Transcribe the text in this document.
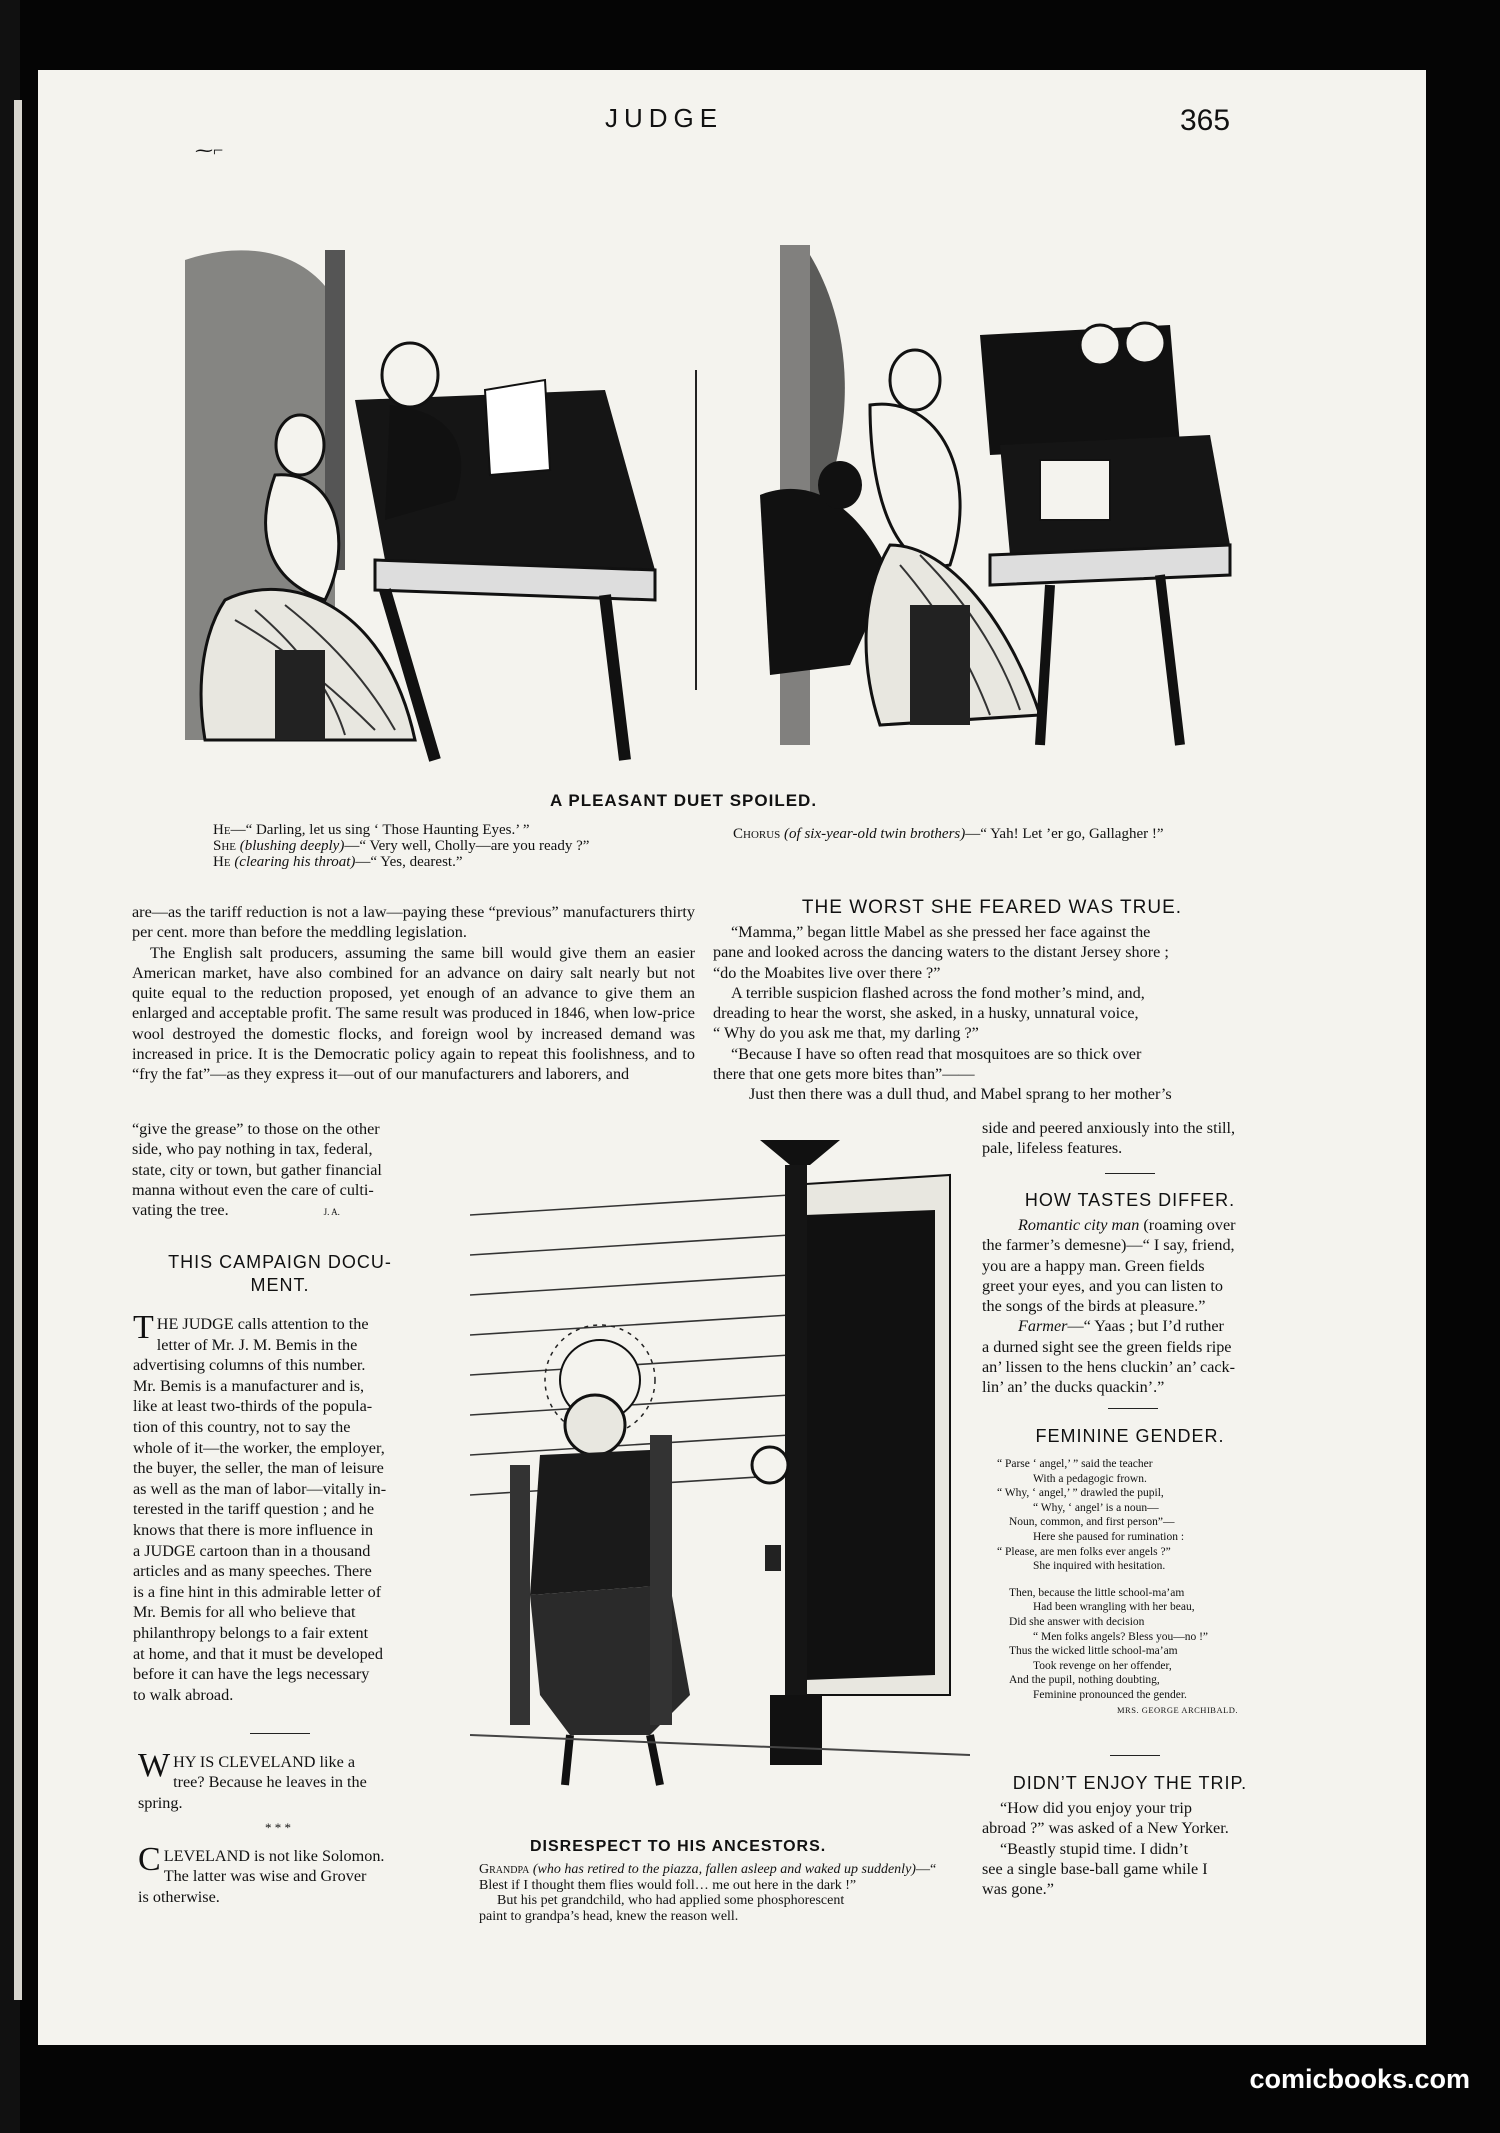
JUDGE	365
⁓⌐
A PLEASANT DUET SPOILED.
He—“ Darling, let us sing ‘ Those Haunting Eyes.’ ”
She (blushing deeply)—“ Very well, Cholly—are you ready ?”
He (clearing his throat)—“ Yes, dearest.”
Chorus (of six-year-old twin brothers)—“ Yah! Let ’er go, Gallagher !”
are—as the tariff reduction is not a law—paying these “previous” manufacturers thirty per cent. more than before the meddling legislation.

The English salt producers, assuming the same bill would give them an easier American market, have also combined for an advance on dairy salt nearly but not quite equal to the reduction proposed, yet enough of an advance to give them an enlarged and acceptable profit. The same result was produced in 1846, when low-price wool destroyed the domestic flocks, and foreign wool by increased demand was increased in price. It is the Democratic policy again to repeat this foolishness, and to “fry the fat”—as they express it—out of our manufacturers and laborers, and

“give the grease” to those on the other
side, who pay nothing in tax, federal,
state, city or town, but gather financial
manna without even the care of culti-
vating the tree.	J. A.
THIS CAMPAIGN DOCU-
MENT.
THE JUDGE calls attention to the
letter of Mr. J. M. Bemis in the
advertising columns of this number.
Mr. Bemis is a manufacturer and is,
like at least two-thirds of the popula-
tion of this country, not to say the
whole of it—the worker, the employer,
the buyer, the seller, the man of leisure
as well as the man of labor—vitally in-
terested in the tariff question ; and he
knows that there is more influence in
a JUDGE cartoon than in a thousand
articles and as many speeches. There
is a fine hint in this admirable letter of
Mr. Bemis for all who believe that
philanthropy belongs to a fair extent
at home, and that it must be developed
before it can have the legs necessary
to walk abroad.
WHY IS CLEVELAND like a
tree? Because he leaves in the
spring.
* * *
CLEVELAND is not like Solomon.
The latter was wise and Grover
is otherwise.
THE WORST SHE FEARED WAS TRUE.
“Mamma,” began little Mabel as she pressed her face against the
pane and looked across the dancing waters to the distant Jersey shore ;
“do the Moabites live over there ?”
A terrible suspicion flashed across the fond mother’s mind, and,
dreading to hear the worst, she asked, in a husky, unnatural voice,
“ Why do you ask me that, my darling ?”
“Because I have so often read that mosquitoes are so thick over
there that one gets more bites than”——
Just then there was a dull thud, and Mabel sprang to her mother’s
side and peered anxiously into the still,
pale, lifeless features.
DISRESPECT TO HIS ANCESTORS.
Grandpa (who has retired to the piazza, fallen asleep and waked up suddenly)—“ Blest if I thought them flies would foll… me out here in the dark !”
But his pet grandchild, who had applied some phosphorescent
paint to grandpa’s head, knew the reason well.
HOW TASTES DIFFER.
Romantic city man (roaming over
the farmer’s demesne)—“ I say, friend,
you are a happy man. Green fields
greet your eyes, and you can listen to
the songs of the birds at pleasure.”
Farmer—“ Yaas ; but I’d ruther
a durned sight see the green fields ripe
an’ lissen to the hens cluckin’ an’ cack-
lin’ an’ the ducks quackin’.”
FEMININE GENDER.
“ Parse ‘ angel,’ ” said the teacher
With a pedagogic frown.
“ Why, ‘ angel,’ ” drawled the pupil,
“ Why, ‘ angel’ is a noun—
Noun, common, and first person”—
Here she paused for rumination :
“ Please, are men folks ever angels ?”
She inquired with hesitation.
Then, because the little school-ma’am
Had been wrangling with her beau,
Did she answer with decision
“ Men folks angels? Bless you—no !”
Thus the wicked little school-ma’am
Took revenge on her offender,
And the pupil, nothing doubting,
Feminine pronounced the gender.
MRS. GEORGE ARCHIBALD.
DIDN’T ENJOY THE TRIP.
“How did you enjoy your trip
abroad ?” was asked of a New Yorker.
“Beastly stupid time. I didn’t
see a single base-ball game while I
was gone.”
comicbooks.com
